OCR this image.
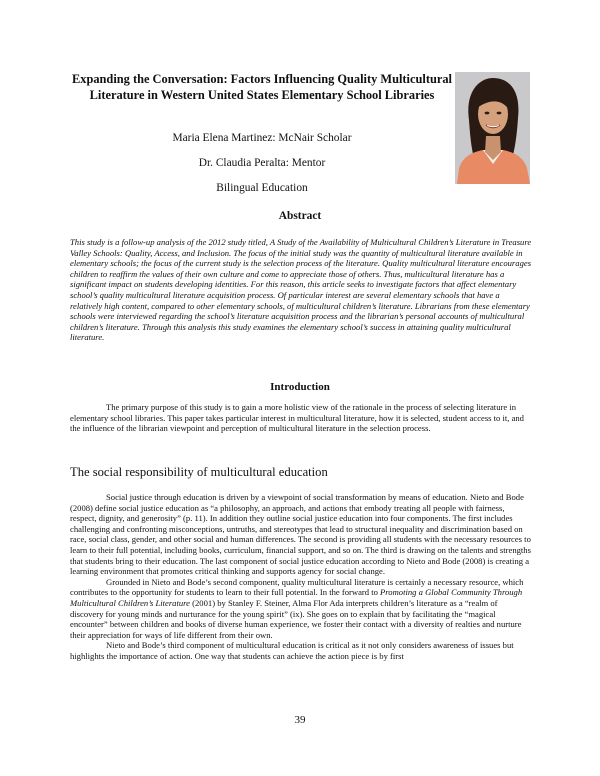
Expanding the Conversation: Factors Influencing Quality Multicultural Literature in Western United States Elementary School Libraries

Maria Elena Martinez: McNair Scholar

Dr. Claudia Peralta: Mentor

Bilingual Education

Abstract

This study is a follow-up analysis of the 2012 study titled, A Study of the Availability of Multicultural Children’s Literature in Treasure Valley Schools: Quality, Access, and Inclusion. The focus of the initial study was the quantity of multicultural literature available in elementary schools; the focus of the current study is the selection process of the literature. Quality multicultural literature encourages children to reaffirm the values of their own culture and come to appreciate those of others. Thus, multicultural literature has a significant impact on students developing identities. For this reason, this article seeks to investigate factors that affect elementary school’s quality multicultural literature acquisition process. Of particular interest are several elementary schools that have a relatively high content, compared to other elementary schools, of multicultural children’s literature. Librarians from these elementary schools were interviewed regarding the school’s literature acquisition process and the librarian’s personal accounts of multicultural children’s literature. Through this analysis this study examines the elementary school’s success in attaining quality multicultural literature.

Introduction

The primary purpose of this study is to gain a more holistic view of the rationale in the process of selecting literature in elementary school libraries. This paper takes particular interest in multicultural literature, how it is selected, student access to it, and the influence of the librarian viewpoint and perception of multicultural literature in the selection process.

The social responsibility of multicultural education

Social justice through education is driven by a viewpoint of social transformation by means of education. Nieto and Bode (2008) define social justice education as “a philosophy, an approach, and actions that embody treating all people with fairness, respect, dignity, and generosity” (p. 11). In addition they outline social justice education into four components. The first includes challenging and confronting misconceptions, untruths, and stereotypes that lead to structural inequality and discrimination based on race, social class, gender, and other social and human differences. The second is providing all students with the necessary resources to learn to their full potential, including books, curriculum, financial support, and so on. The third is drawing on the talents and strengths that students bring to their education. The last component of social justice education according to Nieto and Bode (2008) is creating a learning environment that promotes critical thinking and supports agency for social change.

Grounded in Nieto and Bode’s second component, quality multicultural literature is certainly a necessary resource, which contributes to the opportunity for students to learn to their full potential. In the forward to Promoting a Global Community Through Multicultural Children’s Literature (2001) by Stanley F. Steiner, Alma Flor Ada interprets children’s literature as a “realm of discovery for young minds and nurturance for the young spirit” (ix). She goes on to explain that by facilitating the “magical encounter” between children and books of diverse human experience, we foster their contact with a diversity of realties and nurture their appreciation for ways of life different from their own.

Nieto and Bode’s third component of multicultural education is critical as it not only considers awareness of issues but highlights the importance of action. One way that students can achieve the action piece is by first

39
